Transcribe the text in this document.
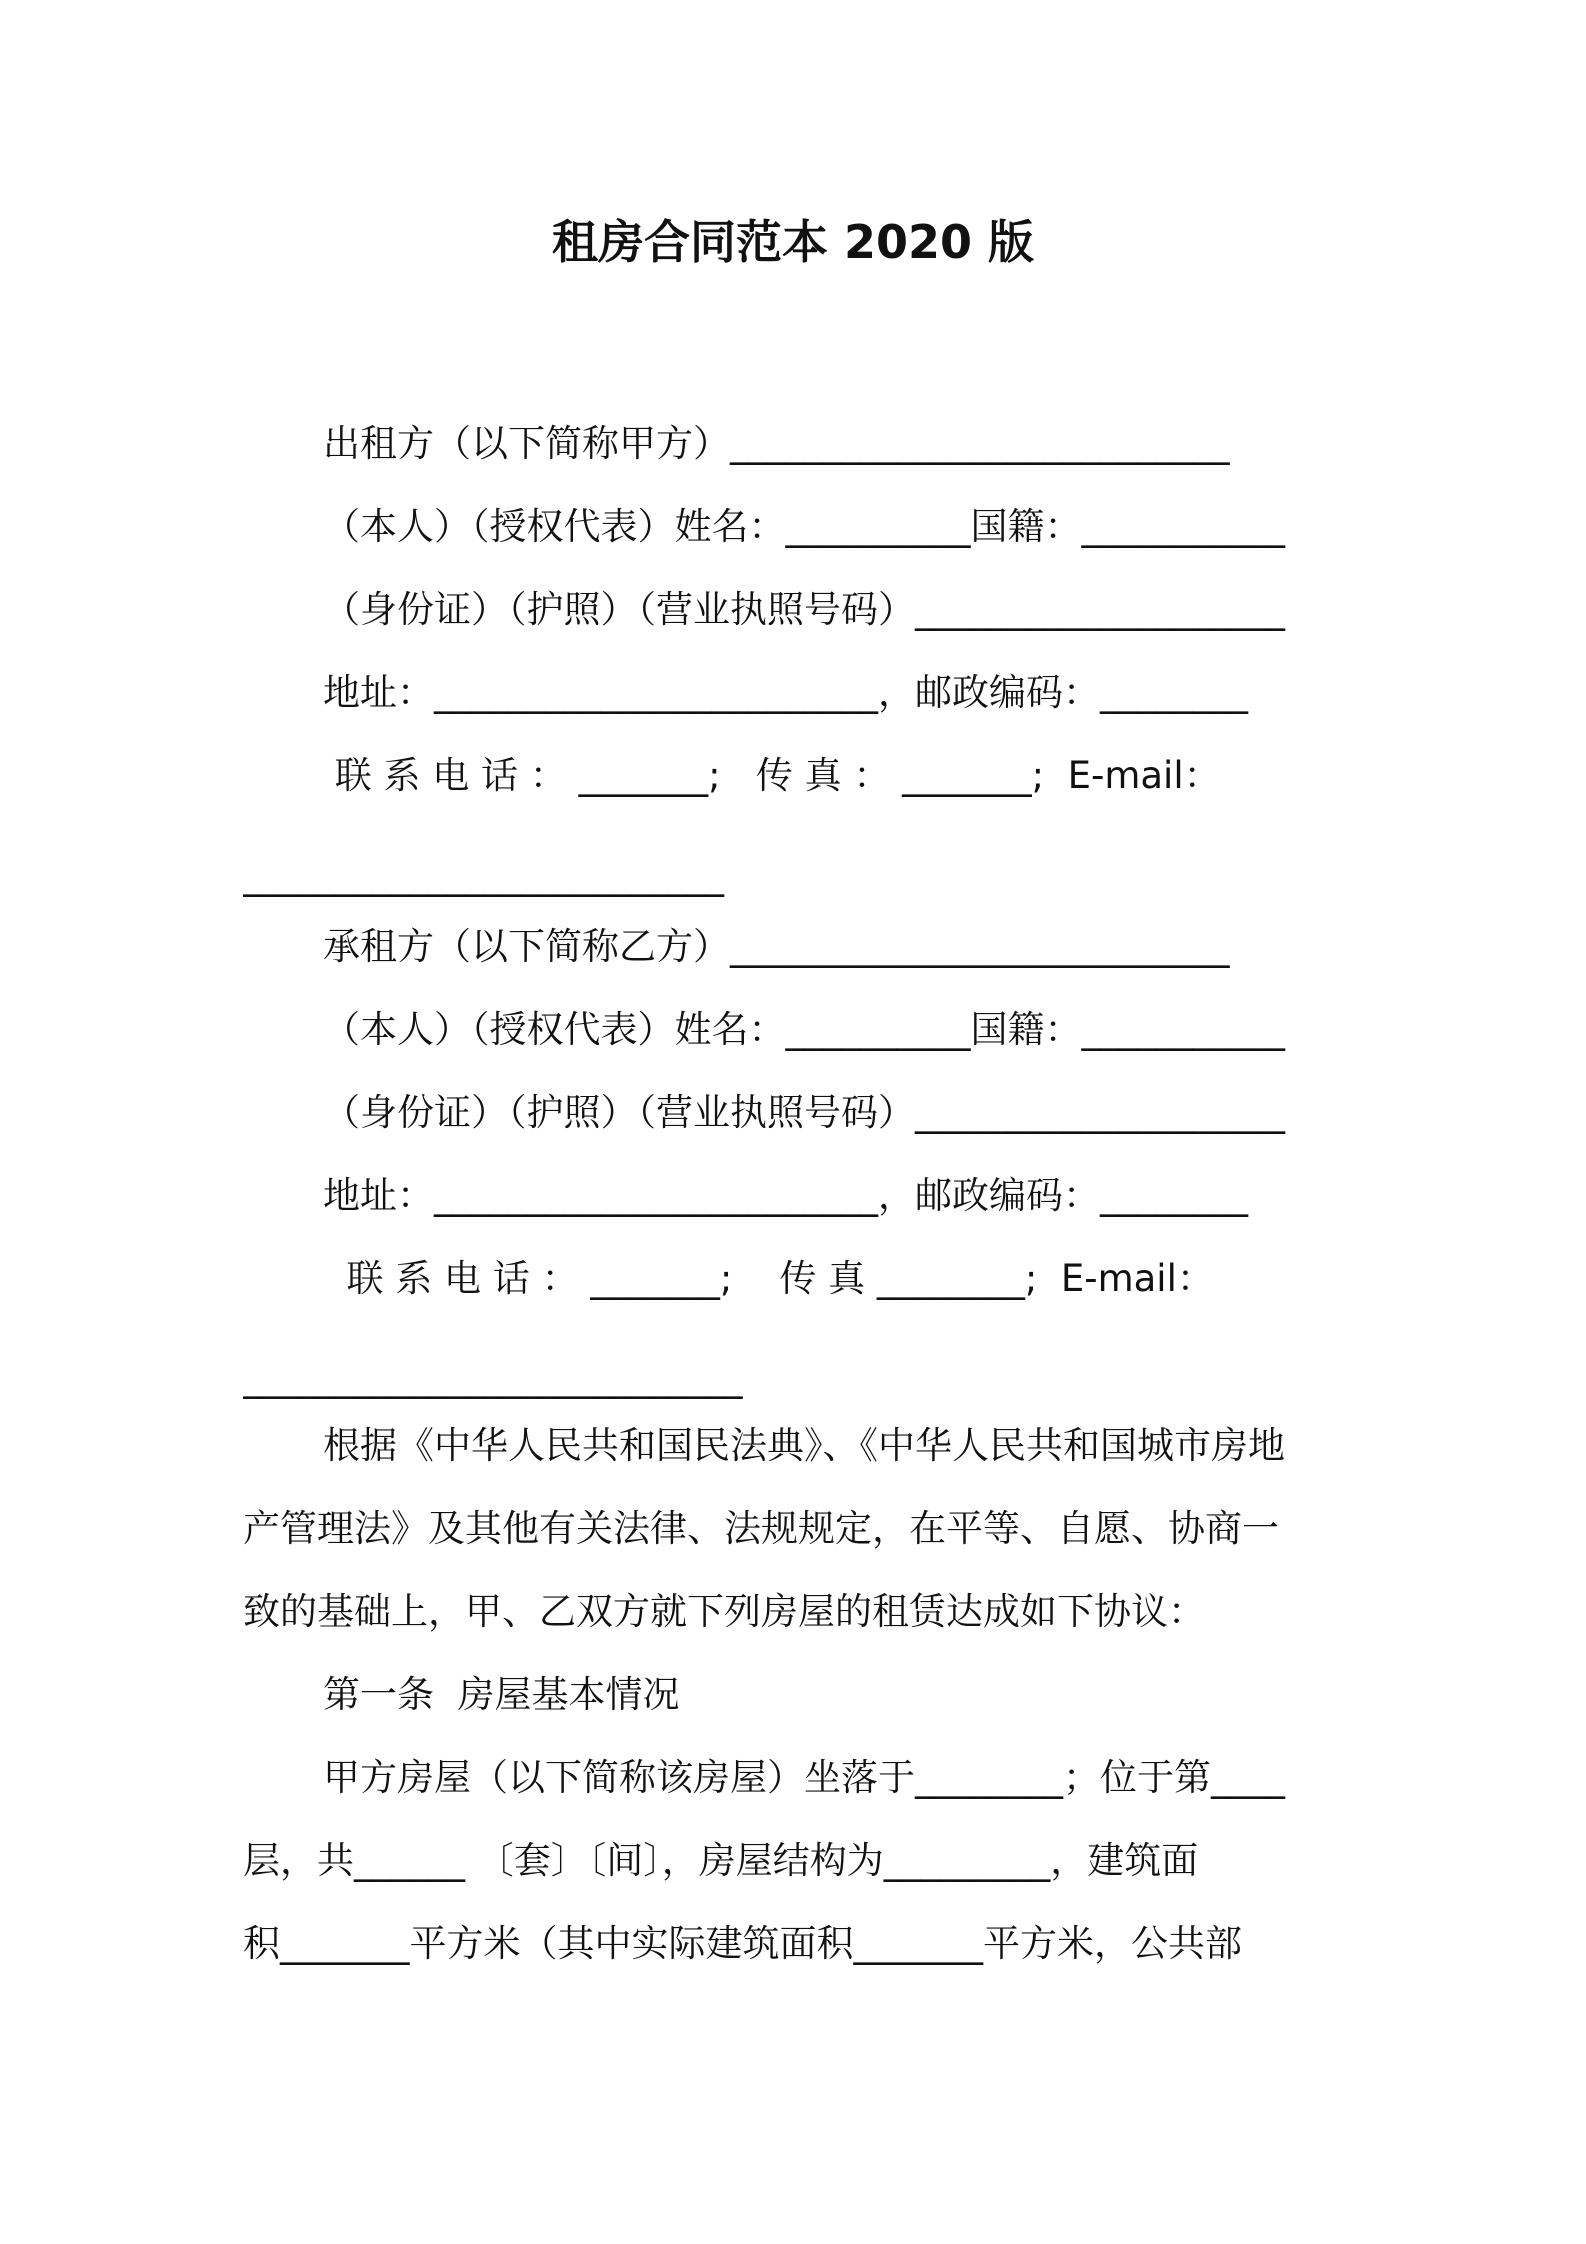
租房合同范本 2020 版
出租方（以下简称甲方）___________________________
（本人）（授权代表）姓名：__________国籍：___________
（身份证）（护照）（营业执照号码）____________________
地址：________________________，邮政编码：________
联 系 电 话 ： _______;   传 真 ： _______;  E-mail：
__________________________
承租方（以下简称乙方）___________________________
（本人）（授权代表）姓名：__________国籍：___________
（身份证）（护照）（营业执照号码）____________________
地址：________________________，邮政编码：________
联 系 电 话 ： _______;    传 真 ________;  E-mail：
___________________________
根据《中华人民共和国民法典》、《中华人民共和国城市房地
产管理法》及其他有关法律、法规规定，在平等、自愿、协商一
致的基础上，甲、乙双方就下列房屋的租赁达成如下协议：
第一条  房屋基本情况
甲方房屋（以下简称该房屋）坐落于________；位于第____
层，共______ 〔套〕〔间〕，房屋结构为_________，建筑面
积_______平方米（其中实际建筑面积_______平方米，公共部
